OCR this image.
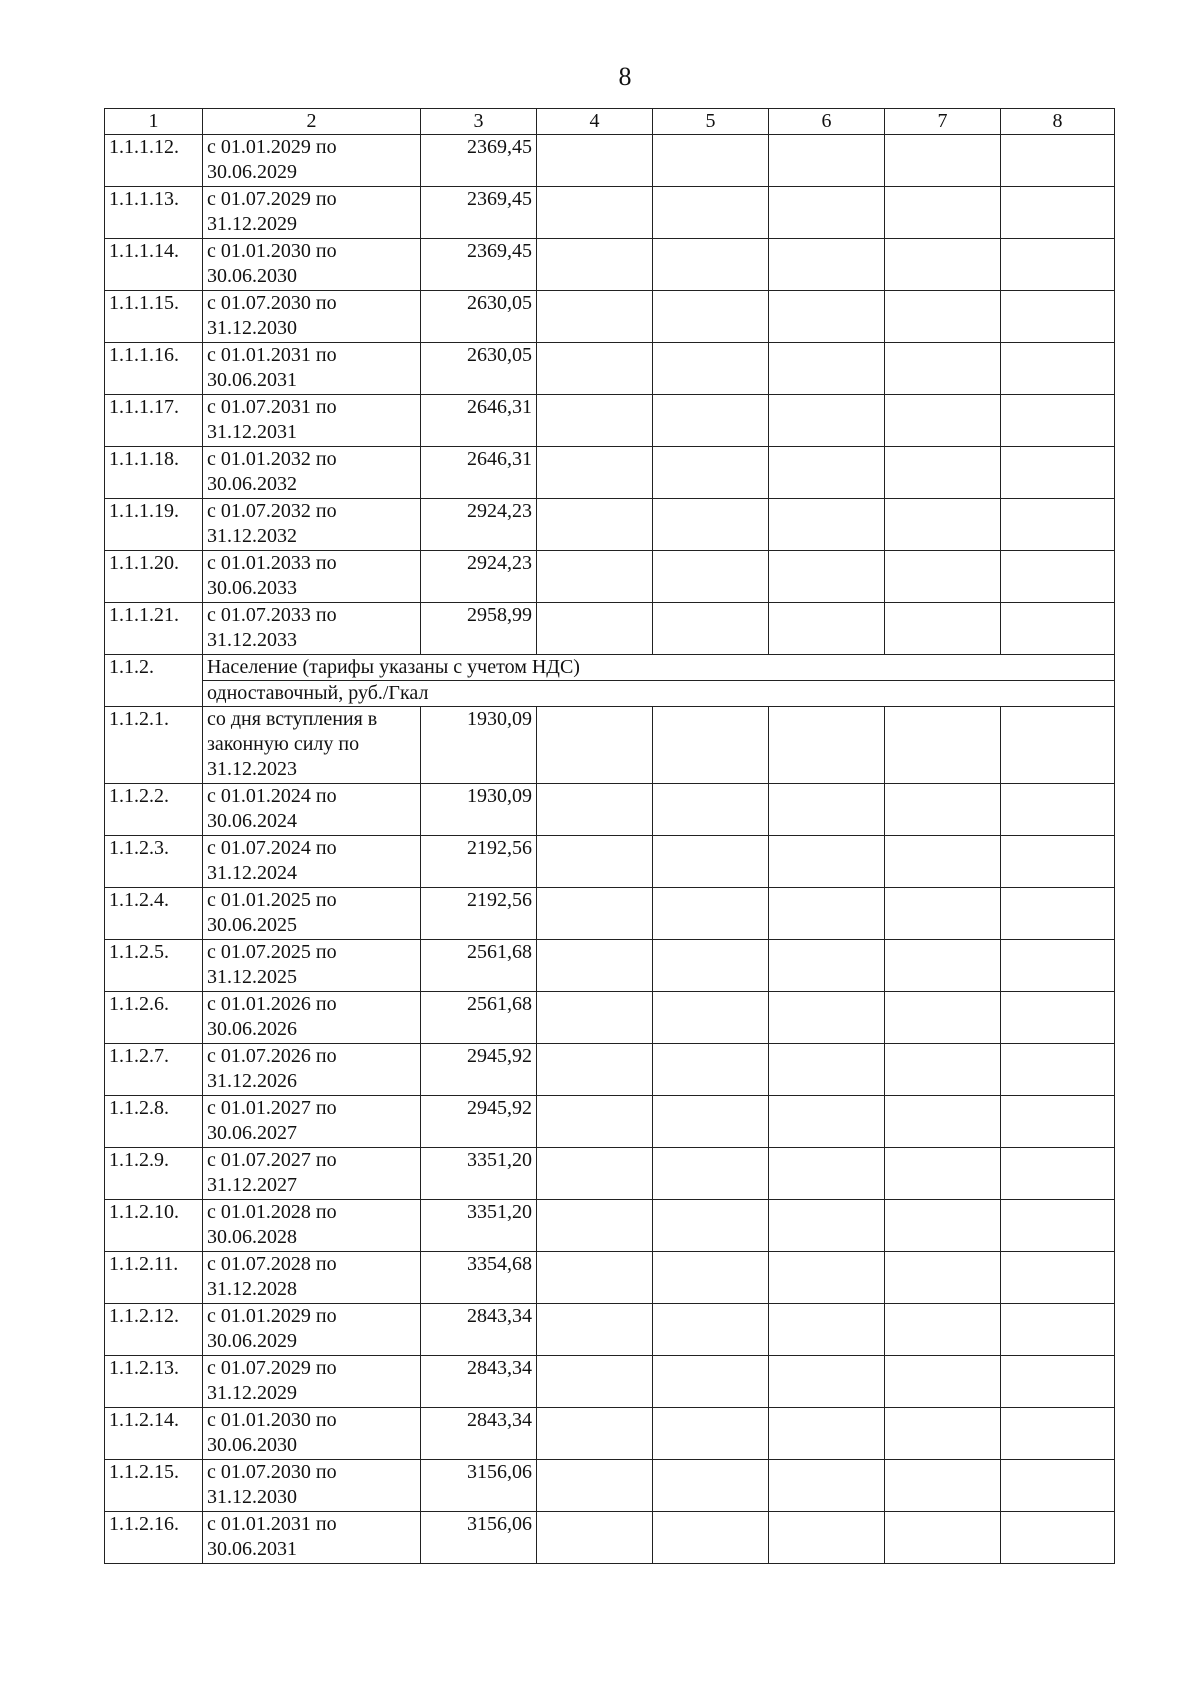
8
1	2	3	4	5	6	7	8
1.1.1.12.	с 01.01.2029 по
30.06.2029	2369,45					
1.1.1.13.	с 01.07.2029 по
31.12.2029	2369,45					
1.1.1.14.	с 01.01.2030 по
30.06.2030	2369,45					
1.1.1.15.	с 01.07.2030 по
31.12.2030	2630,05					
1.1.1.16.	с 01.01.2031 по
30.06.2031	2630,05					
1.1.1.17.	с 01.07.2031 по
31.12.2031	2646,31					
1.1.1.18.	с 01.01.2032 по
30.06.2032	2646,31					
1.1.1.19.	с 01.07.2032 по
31.12.2032	2924,23					
1.1.1.20.	с 01.01.2033 по
30.06.2033	2924,23					
1.1.1.21.	с 01.07.2033 по
31.12.2033	2958,99					
1.1.2.	Население (тарифы указаны с учетом НДС)						
	одноставочный, руб./Гкал						
1.1.2.1.	со дня вступления в
законную силу по
31.12.2023	1930,09					
1.1.2.2.	с 01.01.2024 по
30.06.2024	1930,09					
1.1.2.3.	с 01.07.2024 по
31.12.2024	2192,56					
1.1.2.4.	с 01.01.2025 по
30.06.2025	2192,56					
1.1.2.5.	с 01.07.2025 по
31.12.2025	2561,68					
1.1.2.6.	с 01.01.2026 по
30.06.2026	2561,68					
1.1.2.7.	с 01.07.2026 по
31.12.2026	2945,92					
1.1.2.8.	с 01.01.2027 по
30.06.2027	2945,92					
1.1.2.9.	с 01.07.2027 по
31.12.2027	3351,20					
1.1.2.10.	с 01.01.2028 по
30.06.2028	3351,20					
1.1.2.11.	с 01.07.2028 по
31.12.2028	3354,68					
1.1.2.12.	с 01.01.2029 по
30.06.2029	2843,34					
1.1.2.13.	с 01.07.2029 по
31.12.2029	2843,34					
1.1.2.14.	с 01.01.2030 по
30.06.2030	2843,34					
1.1.2.15.	с 01.07.2030 по
31.12.2030	3156,06					
1.1.2.16.	с 01.01.2031 по
30.06.2031	3156,06					
